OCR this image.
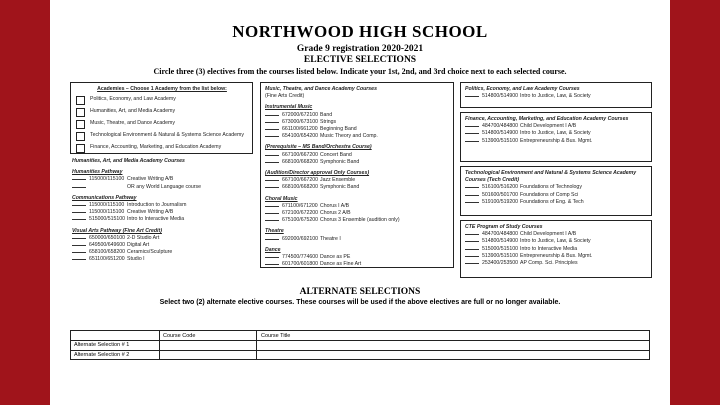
NORTHWOOD HIGH SCHOOL
Grade 9 registration 2020-2021
ELECTIVE SELECTIONS
Circle three (3) electives from the courses listed below. Indicate your 1st, 2nd, and 3rd choice next to each selected course.
Academies – Choose 1 Academy from the list below:
Politics, Economy, and Law Academy
Humanities, Art, and Media Academy
Music, Theatre, and Dance Academy
Technological Environment & Natural & Systems Science Academy
Finance, Accounting, Marketing, and Education Academy
Humanities, Art, and Media Academy Courses
Humanities Pathway
115000/115100 Creative Writing A/B
OR any World Language course
Communications Pathway
115000/115100 Introduction to Journalism
115000/115100 Creative Writing A/B
515000/515100 Intro to Interactive Media
Visual Arts Pathway (Fine Art Credit)
650000/650100 2-D Studio Art
649500/649600 Digital Art
658100/658200 Ceramics/Sculpture
651100/651200 Studio I
Music, Theatre, and Dance Academy Courses
(Fine Arts Credit)
Instrumental Music
672000/672100 Band
673000/673100 Strings
661100/661200 Beginning Band
654100/654200 Music Theory and Comp.
(Prerequisite – MS Band/Orchestra Course)
667100/667200 Concert Band
668100/668200 Symphonic Band
(Audition/Director approval Only Courses)
667100/667200 Jazz Ensemble
668100/668200 Symphonic Band
Choral Music
671100/671200 Chorus I A/B
672100/672200 Chorus 2 A/B
675100/675200 Chorus 3 Ensemble (audition only)
Theatre
692000/692100 Theatre I
Dance
774500/774600 Dance as PE
601700/601800 Dance as Fine Art
Politics, Economy, and Law Academy Courses
514800/514900 Intro to Justice, Law, & Society
Finance, Accounting, Marketing, and Education Academy Courses
484700/484800 Child Development I A/B
514800/514900 Intro to Justice, Law, & Society
513900/515100 Entrepreneurship & Bus. Mgmt.
Technological Environment and Natural & Systems Science Academy Courses (Tech Credit)
516100/516200 Foundations of Technology
501600/501700 Foundations of Comp Sci
519100/519200 Foundations of Eng. & Tech
CTE Program of Study Courses
484700/484800 Child Development I A/B
514800/514900 Intro to Justice, Law, & Society
515000/515100 Intro to Interactive Media
513900/515100 Entrepreneurship & Bus. Mgmt.
253400/253500 AP Comp. Sci. Principles
ALTERNATE SELECTIONS
Select two (2) alternate elective courses. These courses will be used if the above electives are full or no longer available.
Course Code	Course Title
Alternate Selection # 1
Alternate Selection # 2
